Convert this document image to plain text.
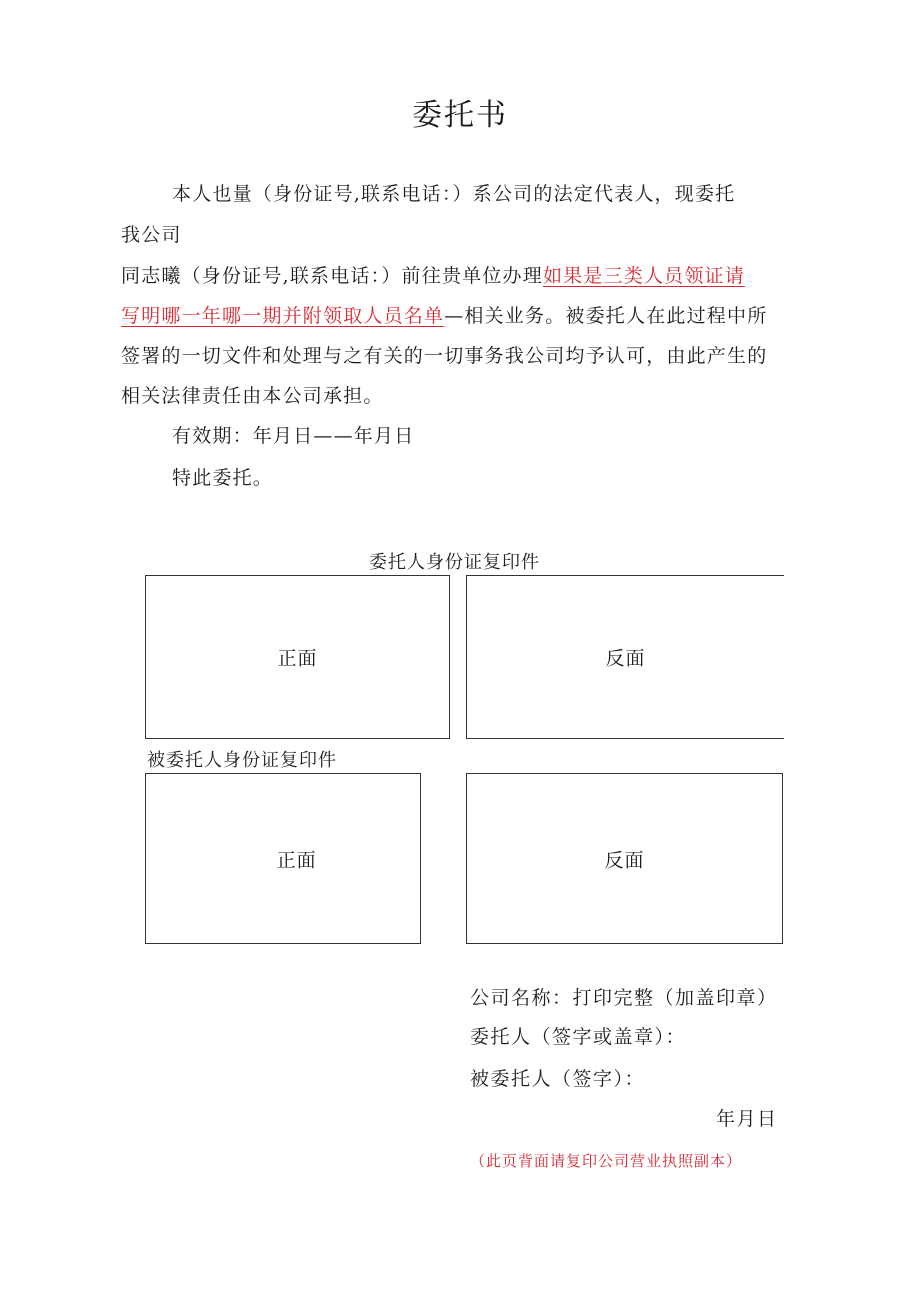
委托书
本人也量（身份证号,联系电话：）系公司的法定代表人，现委托
我公司
同志曦（身份证号,联系电话：）前往贵单位办理如果是三类人员领证请
写明哪一年哪一期并附领取人员名单—相关业务。被委托人在此过程中所
签署的一切文件和处理与之有关的一切事务我公司均予认可，由此产生的
相关法律责任由本公司承担。
有效期：年月日——年月日
特此委托。
委托人身份证复印件
正面	反面
被委托人身份证复印件
正面	反面
公司名称：打印完整（加盖印章）
委托人（签字或盖章）：
被委托人（签字）：
年月日
（此页背面请复印公司营业执照副本）
